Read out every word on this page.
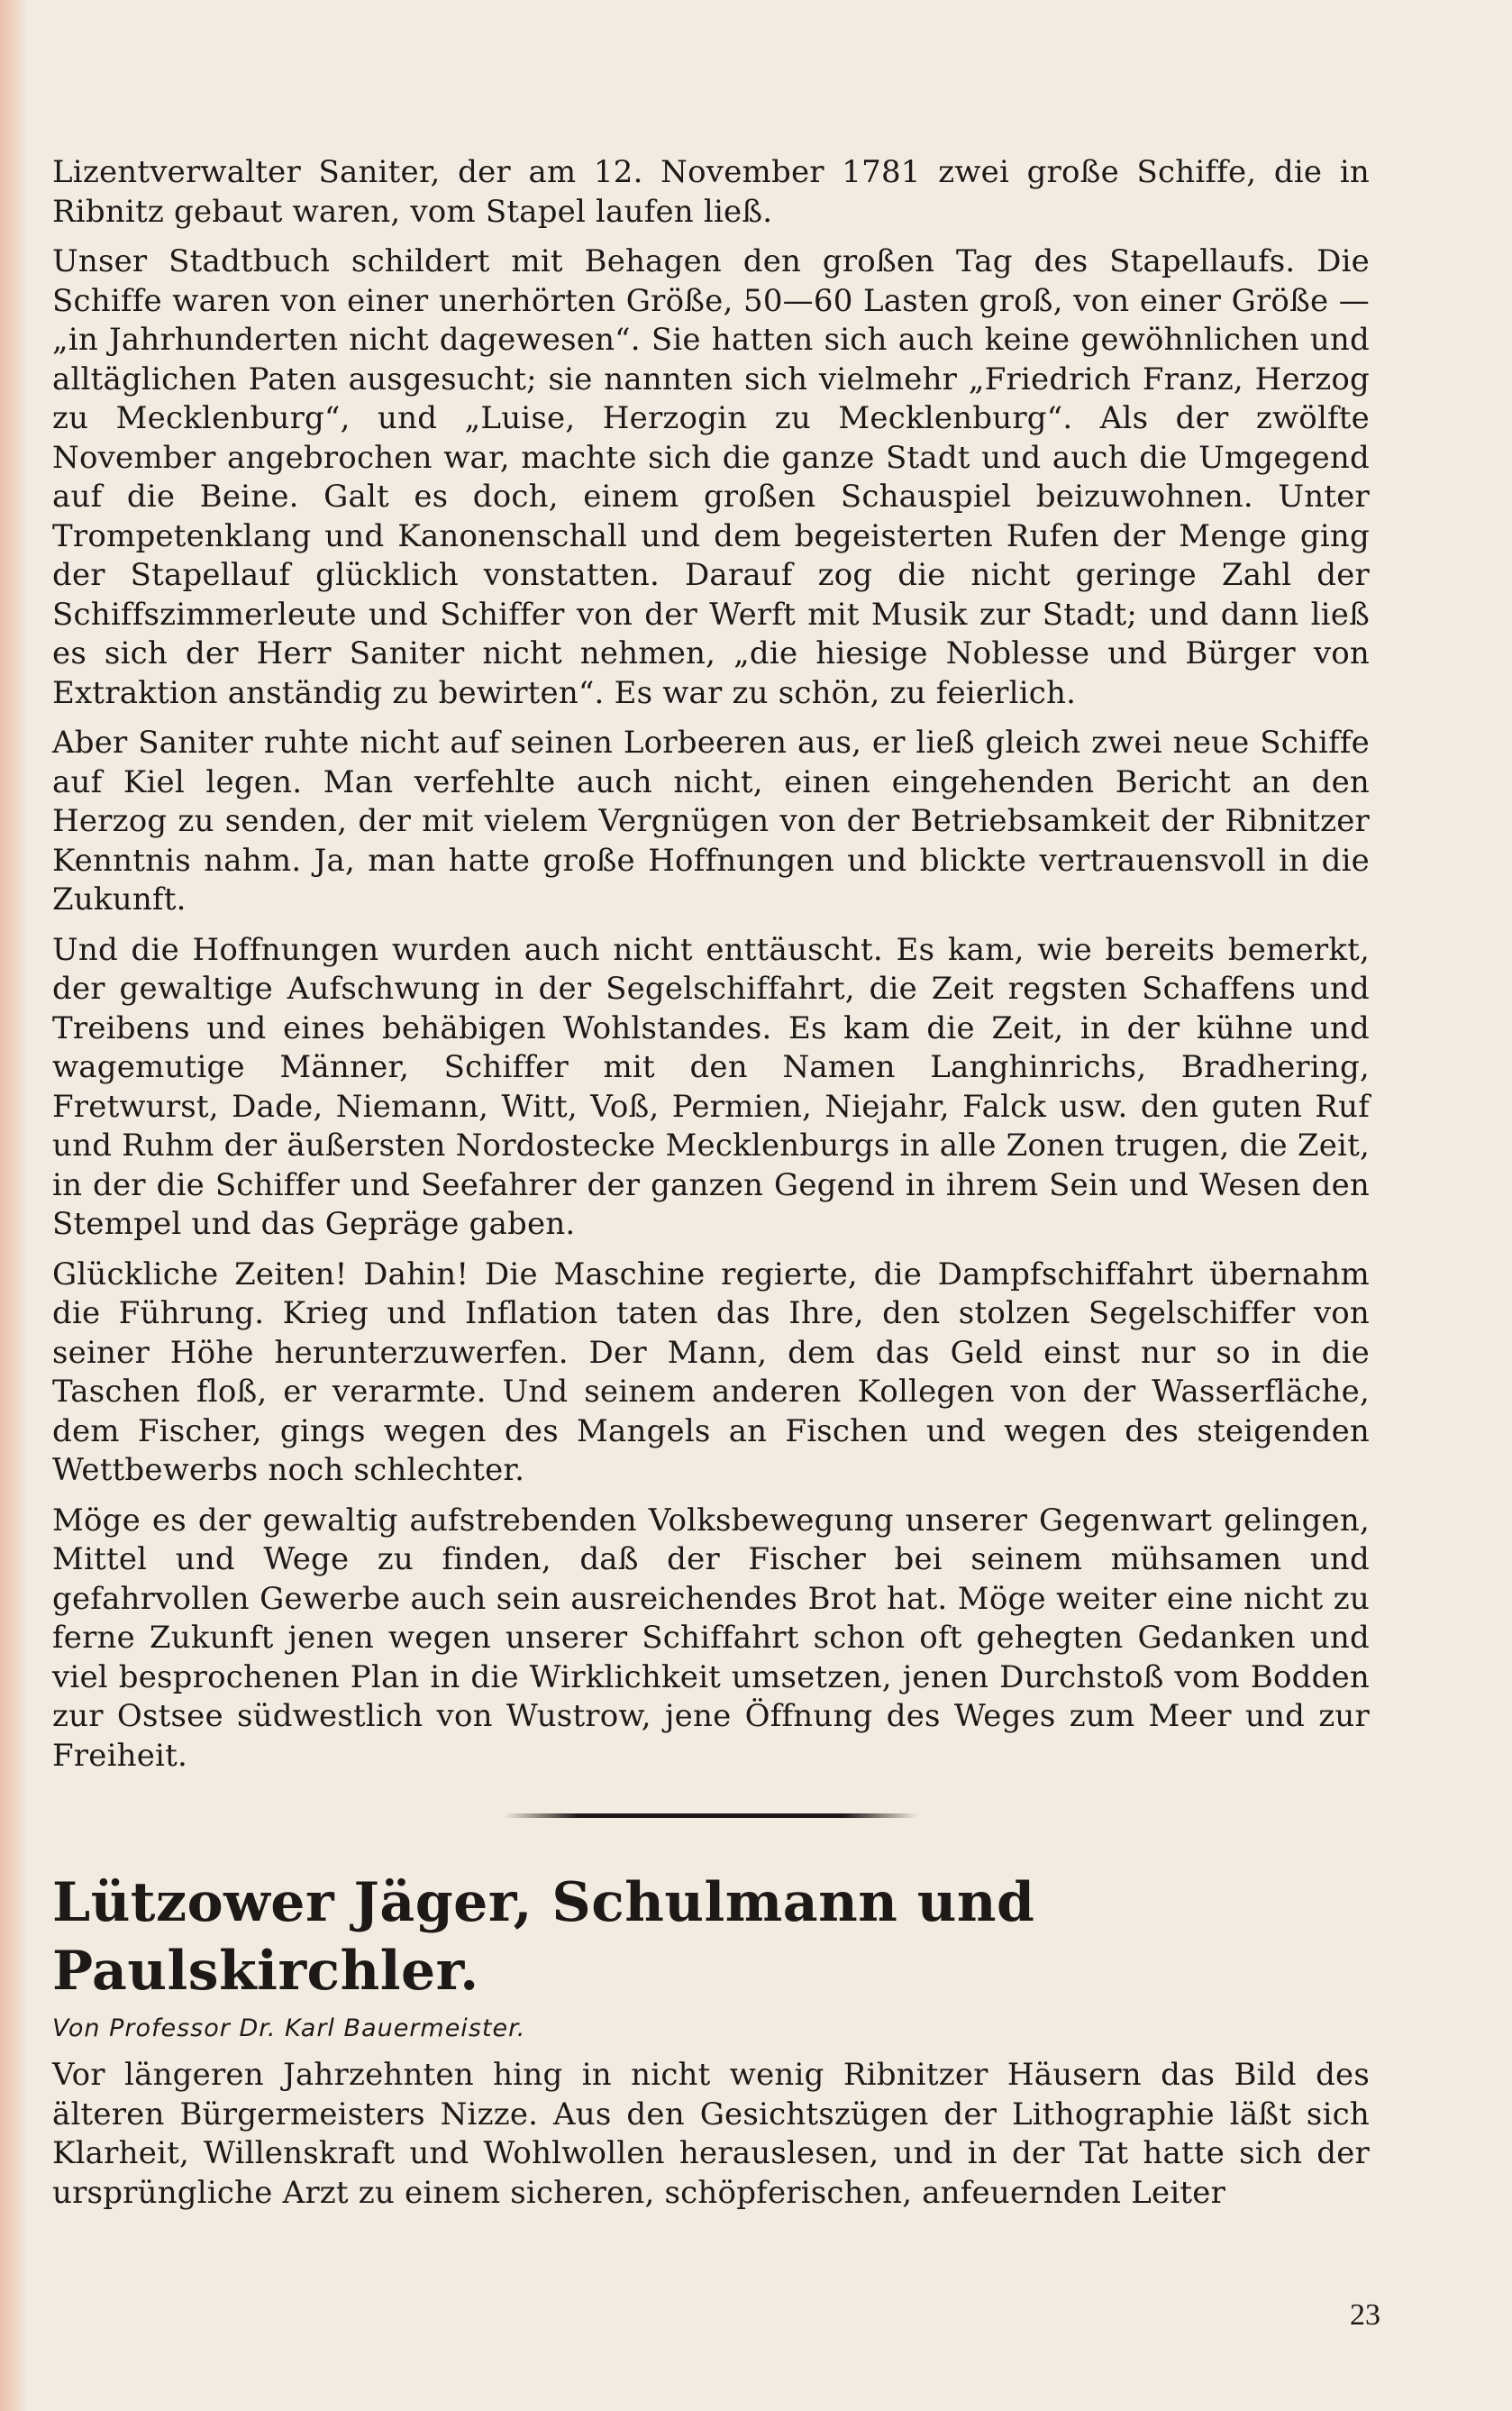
Lizentverwalter Saniter, der am 12. November 1781 zwei große Schiffe, die in Ribnitz gebaut waren, vom Stapel laufen ließ.

Unser Stadtbuch schildert mit Behagen den großen Tag des Stapellaufs. Die Schiffe waren von einer unerhörten Größe, 50—60 Lasten groß, von einer Größe — „in Jahrhunderten nicht dagewesen“. Sie hatten sich auch keine gewöhnlichen und alltäglichen Paten ausgesucht; sie nannten sich vielmehr „Friedrich Franz, Herzog zu Mecklenburg“, und „Luise, Herzogin zu Mecklenburg“. Als der zwölfte November angebrochen war, machte sich die ganze Stadt und auch die Umgegend auf die Beine. Galt es doch, einem großen Schauspiel beizuwohnen. Unter Trompetenklang und Kanonenschall und dem begeisterten Rufen der Menge ging der Stapellauf glücklich vonstatten. Darauf zog die nicht geringe Zahl der Schiffszimmerleute und Schiffer von der Werft mit Musik zur Stadt; und dann ließ es sich der Herr Saniter nicht nehmen, „die hiesige Noblesse und Bürger von Extraktion anständig zu bewirten“. Es war zu schön, zu feierlich.

Aber Saniter ruhte nicht auf seinen Lorbeeren aus, er ließ gleich zwei neue Schiffe auf Kiel legen. Man verfehlte auch nicht, einen eingehenden Bericht an den Herzog zu senden, der mit vielem Vergnügen von der Betriebsamkeit der Ribnitzer Kenntnis nahm. Ja, man hatte große Hoffnungen und blickte vertrauensvoll in die Zukunft.

Und die Hoffnungen wurden auch nicht enttäuscht. Es kam, wie bereits bemerkt, der gewaltige Aufschwung in der Segelschiffahrt, die Zeit regsten Schaffens und Treibens und eines behäbigen Wohlstandes. Es kam die Zeit, in der kühne und wagemutige Männer, Schiffer mit den Namen Langhinrichs, Bradhering, Fretwurst, Dade, Niemann, Witt, Voß, Permien, Niejahr, Falck usw. den guten Ruf und Ruhm der äußersten Nordostecke Mecklenburgs in alle Zonen trugen, die Zeit, in der die Schiffer und Seefahrer der ganzen Gegend in ihrem Sein und Wesen den Stempel und das Gepräge gaben.

Glückliche Zeiten! Dahin! Die Maschine regierte, die Dampfschiffahrt übernahm die Führung. Krieg und Inflation taten das Ihre, den stolzen Segelschiffer von seiner Höhe herunterzuwerfen. Der Mann, dem das Geld einst nur so in die Taschen floß, er verarmte. Und seinem anderen Kollegen von der Wasserfläche, dem Fischer, gings wegen des Mangels an Fischen und wegen des steigenden Wettbewerbs noch schlechter.

Möge es der gewaltig aufstrebenden Volksbewegung unserer Gegenwart gelingen, Mittel und Wege zu finden, daß der Fischer bei seinem mühsamen und gefahrvollen Gewerbe auch sein ausreichendes Brot hat. Möge weiter eine nicht zu ferne Zukunft jenen wegen unserer Schiffahrt schon oft gehegten Gedanken und viel besprochenen Plan in die Wirklichkeit umsetzen, jenen Durchstoß vom Bodden zur Ostsee südwestlich von Wustrow, jene Öffnung des Weges zum Meer und zur Freiheit.

Lützower Jäger, Schulmann und Paulskirchler.

Von Professor Dr. Karl Bauermeister.

Vor längeren Jahrzehnten hing in nicht wenig Ribnitzer Häusern das Bild des älteren Bürgermeisters Nizze. Aus den Gesichtszügen der Lithographie läßt sich Klarheit, Willenskraft und Wohlwollen herauslesen, und in der Tat hatte sich der ursprüngliche Arzt zu einem sicheren, schöpferischen, anfeuernden Leiter

23
